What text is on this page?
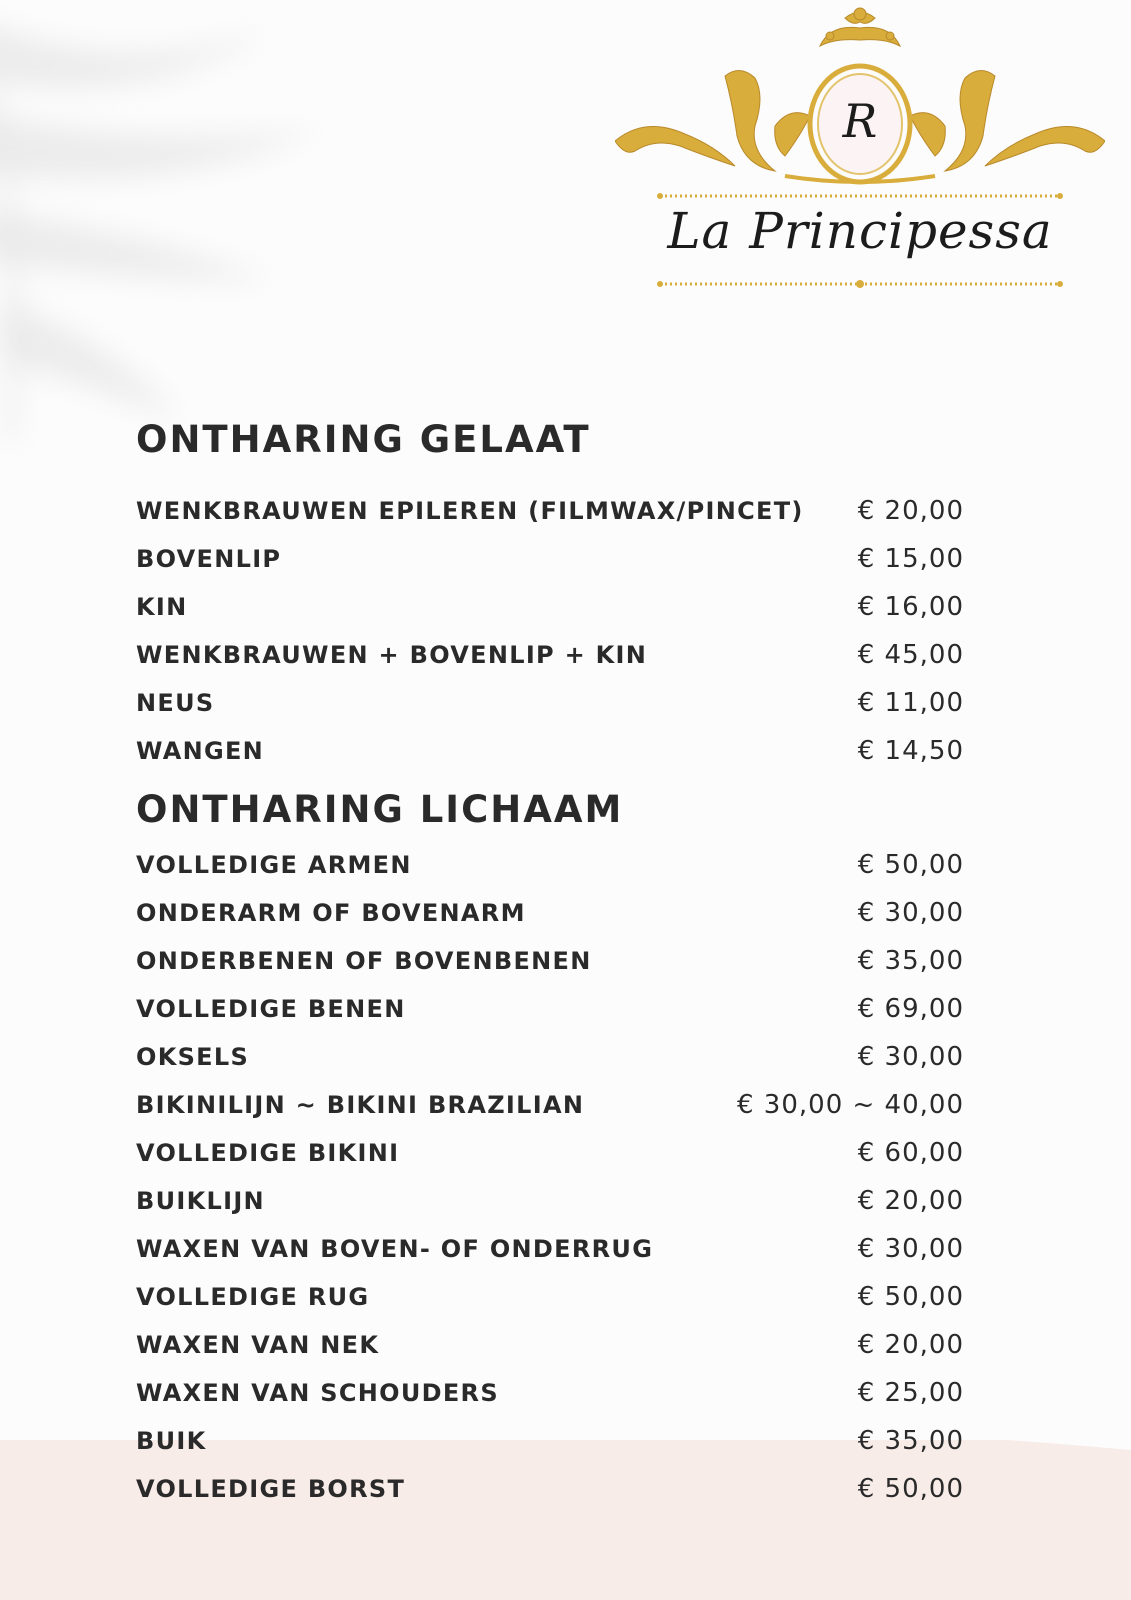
R
La Principessa
ONTHARING GELAAT
WENKBRAUWEN EPILEREN (FILMWAX/PINCET) € 20,00
BOVENLIP	€ 15,00
KIN	€ 16,00
WENKBRAUWEN + BOVENLIP + KIN	€ 45,00
NEUS	€ 11,00
WANGEN	€ 14,50
ONTHARING LICHAAM
VOLLEDIGE ARMEN	€ 50,00
ONDERARM OF BOVENARM	€ 30,00
ONDERBENEN OF BOVENBENEN	€ 35,00
VOLLEDIGE BENEN	€ 69,00
OKSELS	€ 30,00
BIKINILIJN ~ BIKINI BRAZILIAN	€ 30,00 ~ 40,00
VOLLEDIGE BIKINI	€ 60,00
BUIKLIJN	€ 20,00
WAXEN VAN BOVEN- OF ONDERRUG	€ 30,00
VOLLEDIGE RUG	€ 50,00
WAXEN VAN NEK	€ 20,00
WAXEN VAN SCHOUDERS	€ 25,00
BUIK	€ 35,00
VOLLEDIGE BORST	€ 50,00
